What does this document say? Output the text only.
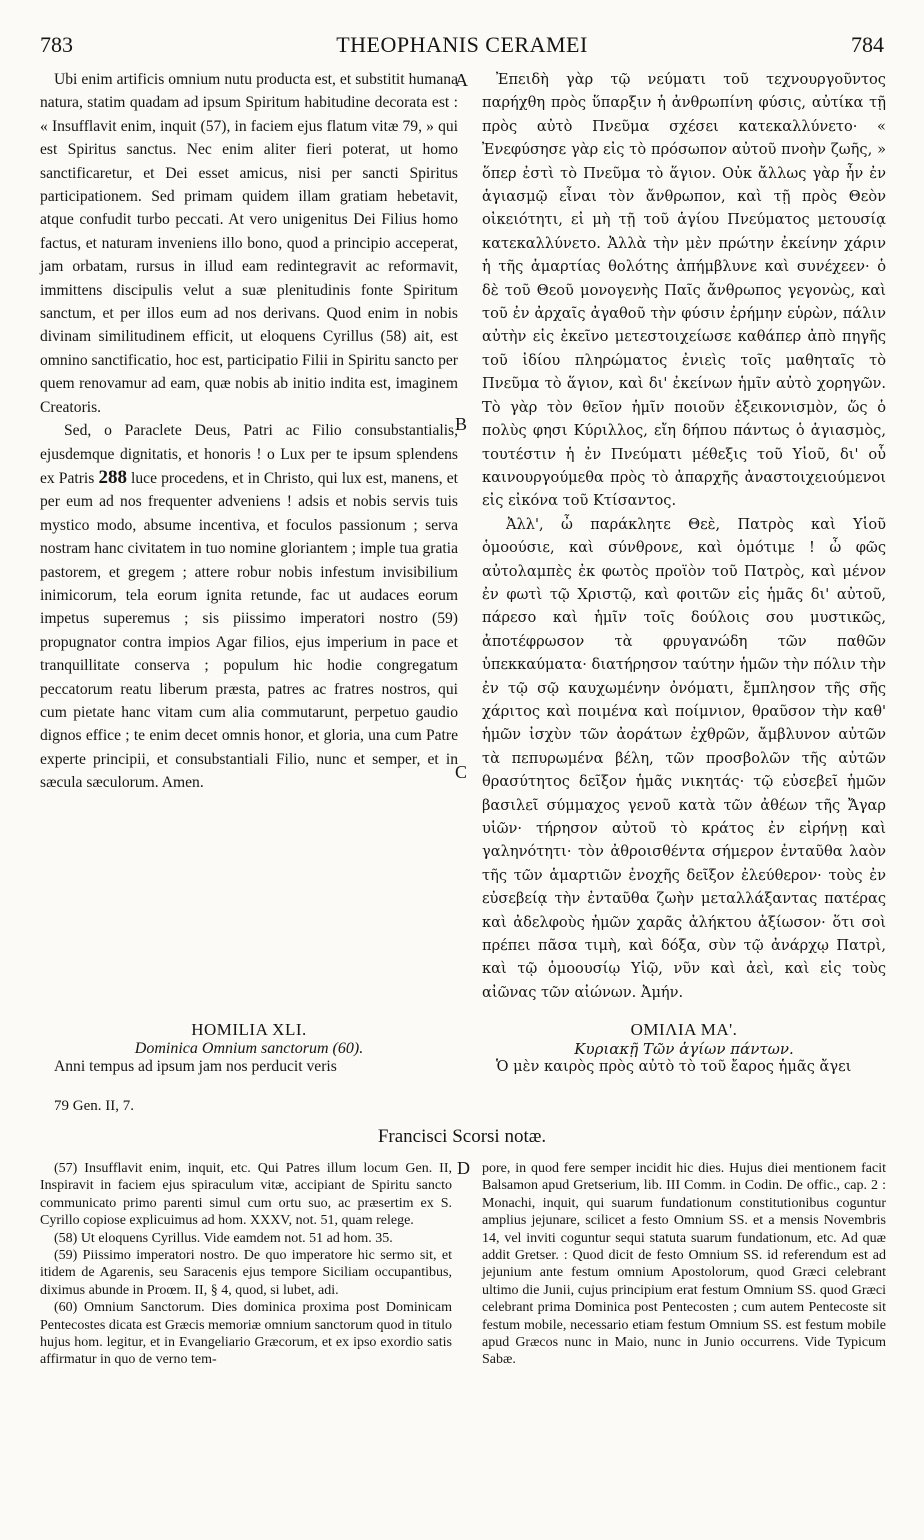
783	THEOPHANIS CERAMEI	784
A
B
C
D

Ubi enim artificis omnium nutu producta est, et substitit humana natura, statim quadam ad ipsum Spiritum habitudine decorata est : « Insufflavit enim, inquit (57), in faciem ejus flatum vitæ 79, » qui est Spiritus sanctus. Nec enim aliter fieri poterat, ut homo sanctificaretur, et Dei esset amicus, nisi per sancti Spiritus participationem. Sed primam quidem illam gratiam hebetavit, atque confudit turbo peccati. At vero unigenitus Dei Filius homo factus, et naturam inveniens illo bono, quod a principio acceperat, jam orbatam, rursus in illud eam redintegravit ac reformavit, immittens discipulis velut a suæ plenitudinis fonte Spiritum sanctum, et per illos eum ad nos derivans. Quod enim in nobis divinam similitudinem efficit, ut eloquens Cyrillus (58) ait, est omnino sanctificatio, hoc est, participatio Filii in Spiritu sancto per quem renovamur ad eam, quæ nobis ab initio indita est, imaginem Creatoris.

Sed, o Paraclete Deus, Patri ac Filio consubstantialis, ejusdemque dignitatis, et honoris ! o Lux per te ipsum splendens ex Patris 288 luce procedens, et in Christo, qui lux est, manens, et per eum ad nos frequenter adveniens ! adsis et nobis servis tuis mystico modo, absume incentiva, et foculos passionum ; serva nostram hanc civitatem in tuo nomine gloriantem ; imple tua gratia pastorem, et gregem ; attere robur nobis infestum invisibilium inimicorum, tela eorum ignita retunde, fac ut audaces eorum impetus superemus ; sis piissimo imperatori nostro (59) propugnator contra impios Agar filios, ejus imperium in pace et tranquillitate conserva ; populum hic hodie congregatum peccatorum reatu liberum præsta, patres ac fratres nostros, qui cum pietate hanc vitam cum alia commutarunt, perpetuo gaudio dignos effice ; te enim decet omnis honor, et gloria, una cum Patre experte principii, et consubstantiali Filio, nunc et semper, et in sæcula sæculorum. Amen.

Ἐπειδὴ γὰρ τῷ νεύματι τοῦ τεχνουργοῦντος παρήχθη πρὸς ὕπαρξιν ἡ ἀνθρωπίνη φύσις, αὐτίκα τῇ πρὸς αὐτὸ Πνεῦμα σχέσει κατεκαλλύνετο· « Ἐνεφύσησε γὰρ εἰς τὸ πρόσωπον αὐτοῦ πνοὴν ζωῆς, » ὅπερ ἐστὶ τὸ Πνεῦμα τὸ ἅγιον. Οὐκ ἄλλως γὰρ ἦν ἐν ἁγιασμῷ εἶναι τὸν ἄνθρωπον, καὶ τῇ πρὸς Θεὸν οἰκειότητι, εἰ μὴ τῇ τοῦ ἁγίου Πνεύματος μετουσίᾳ κατεκαλλύνετο. Ἀλλὰ τὴν μὲν πρώτην ἐκείνην χάριν ἡ τῆς ἁμαρτίας θολότης ἀπήμβλυνε καὶ συνέχεεν· ὁ δὲ τοῦ Θεοῦ μονογενὴς Παῖς ἄνθρωπος γεγονὼς, καὶ τοῦ ἐν ἀρχαῖς ἀγαθοῦ τὴν φύσιν ἐρήμην εὑρὼν, πάλιν αὐτὴν εἰς ἐκεῖνο μετεστοιχείωσε καθάπερ ἀπὸ πηγῆς τοῦ ἰδίου πληρώματος ἐνιεὶς τοῖς μαθηταῖς τὸ Πνεῦμα τὸ ἅγιον, καὶ δι' ἐκείνων ἡμῖν αὐτὸ χορηγῶν. Τὸ γὰρ τὸν θεῖον ἡμῖν ποιοῦν ἐξεικονισμὸν, ὥς ὁ πολὺς φησι Κύριλλος, εἴη δήπου πάντως ὁ ἁγιασμὸς, τουτέστιν ἡ ἐν Πνεύματι μέθεξις τοῦ Υἱοῦ, δι' οὗ καινουργούμεθα πρὸς τὸ ἀπαρχῆς ἀναστοιχειούμενοι εἰς εἰκόνα τοῦ Κτίσαντος.

Ἀλλ', ὦ παράκλητε Θεὲ, Πατρὸς καὶ Υἱοῦ ὁμοούσιε, καὶ σύνθρονε, καὶ ὁμότιμε ! ὦ φῶς αὐτολαμπὲς ἐκ φωτὸς προϊὸν τοῦ Πατρὸς, καὶ μένον ἐν φωτὶ τῷ Χριστῷ, καὶ φοιτῶν εἰς ἡμᾶς δι' αὐτοῦ, πάρεσο καὶ ἡμῖν τοῖς δούλοις σου μυστικῶς, ἀποτέφρωσον τὰ φρυγανώδη τῶν παθῶν ὑπεκκαύματα· διατήρησον ταύτην ἡμῶν τὴν πόλιν τὴν ἐν τῷ σῷ καυχωμένην ὀνόματι, ἔμπλησον τῆς σῆς χάριτος καὶ ποιμένα καὶ ποίμνιον, θραῦσον τὴν καθ' ἡμῶν ἰσχὺν τῶν ἀοράτων ἐχθρῶν, ἄμβλυνον αὐτῶν τὰ πεπυρωμένα βέλη, τῶν προσβολῶν τῆς αὐτῶν θρασύτητος δεῖξον ἡμᾶς νικητάς· τῷ εὐσεβεῖ ἡμῶν βασιλεῖ σύμμαχος γενοῦ κατὰ τῶν ἀθέων τῆς Ἄγαρ υἱῶν· τήρησον αὐτοῦ τὸ κράτος ἐν εἰρήνῃ καὶ γαληνότητι· τὸν ἀθροισθέντα σήμερον ἐνταῦθα λαὸν τῆς τῶν ἁμαρτιῶν ἐνοχῆς δεῖξον ἐλεύθερον· τοὺς ἐν εὐσεβείᾳ τὴν ἐνταῦθα ζωὴν μεταλλάξαντας πατέρας καὶ ἀδελφοὺς ἡμῶν χαρᾶς ἀλήκτου ἀξίωσον· ὅτι σοὶ πρέπει πᾶσα τιμὴ, καὶ δόξα, σὺν τῷ ἀνάρχῳ Πατρὶ, καὶ τῷ ὁμοουσίῳ Υἱῷ, νῦν καὶ ἀεὶ, καὶ εἰς τοὺς αἰῶνας τῶν αἰώνων. Ἀμήν.

HOMILIA XLI.
Dominica Omnium sanctorum (60).
Anni tempus ad ipsum jam nos perducit veris
ΟΜΙΛΙΑ ΜΑ'.
Κυριακῇ Τῶν ἁγίων πάντων.
Ὁ μὲν καιρὸς πρὸς αὐτὸ τὸ τοῦ ἔαρος ἡμᾶς ἄγει
79 Gen. II, 7.
Francisci Scorsi notæ.

(57) Insufflavit enim, inquit, etc. Qui Patres illum locum Gen. II, Inspiravit in faciem ejus spiraculum vitæ, accipiant de Spiritu sancto communicato primo parenti simul cum ortu suo, ac præsertim ex S. Cyrillo copiose explicuimus ad hom. XXXV, not. 51, quam relege.

(58) Ut eloquens Cyrillus. Vide eamdem not. 51 ad hom. 35.

(59) Piissimo imperatori nostro. De quo imperatore hic sermo sit, et itidem de Agarenis, seu Saracenis ejus tempore Siciliam occupantibus, diximus abunde in Proœm. II, § 4, quod, si lubet, adi.

(60) Omnium Sanctorum. Dies dominica proxima post Dominicam Pentecostes dicata est Græcis memoriæ omnium sanctorum quod in titulo hujus hom. legitur, et in Evangeliario Græcorum, et ex ipso exordio satis affirmatur in quo de verno tem-

pore, in quod fere semper incidit hic dies. Hujus diei mentionem facit Balsamon apud Gretserium, lib. III Comm. in Codin. De offic., cap. 2 : Monachi, inquit, qui suarum fundationum constitutionibus coguntur amplius jejunare, scilicet a festo Omnium SS. et a mensis Novembris 14, vel inviti coguntur sequi statuta suarum fundationum, etc. Ad quæ addit Gretser. : Quod dicit de festo Omnium SS. id referendum est ad jejunium ante festum omnium Apostolorum, quod Græci celebrant ultimo die Junii, cujus principium erat festum Omnium SS. quod Græci celebrant prima Dominica post Pentecosten ; cum autem Pentecoste sit festum mobile, necessario etiam festum Omnium SS. est festum mobile apud Græcos nunc in Maio, nunc in Junio occurrens. Vide Typicum Sabæ.
